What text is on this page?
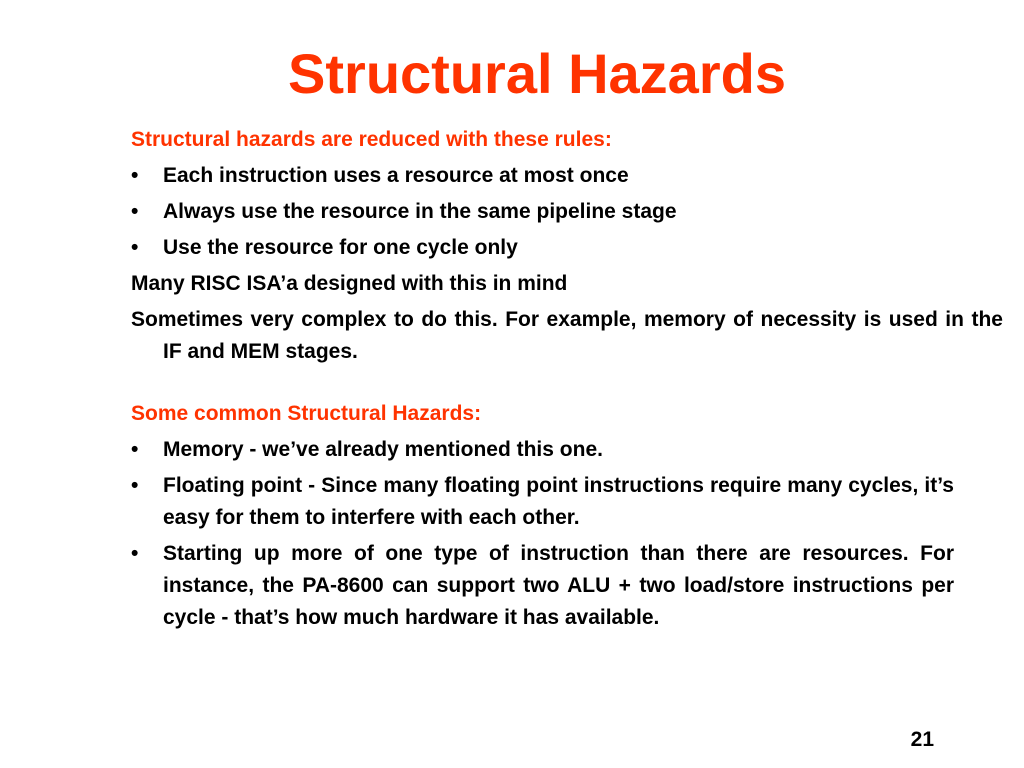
Structural Hazards
Structural hazards are reduced with these rules:
• Each instruction uses a resource at most once
• Always use the resource in the same pipeline stage
• Use the resource for one cycle only
Many RISC ISA’a designed with this in mind
Sometimes very complex to do this. For example, memory of necessity is used in the IF and MEM stages.
Some common Structural Hazards:
• Memory - we’ve already mentioned this one.
• Floating point - Since many floating point instructions require many cycles, it’s easy for them to interfere with each other.
• Starting up more of one type of instruction than there are resources. For instance, the PA-8600 can support two ALU + two load/store instructions per cycle - that’s how much hardware it has available.
21
